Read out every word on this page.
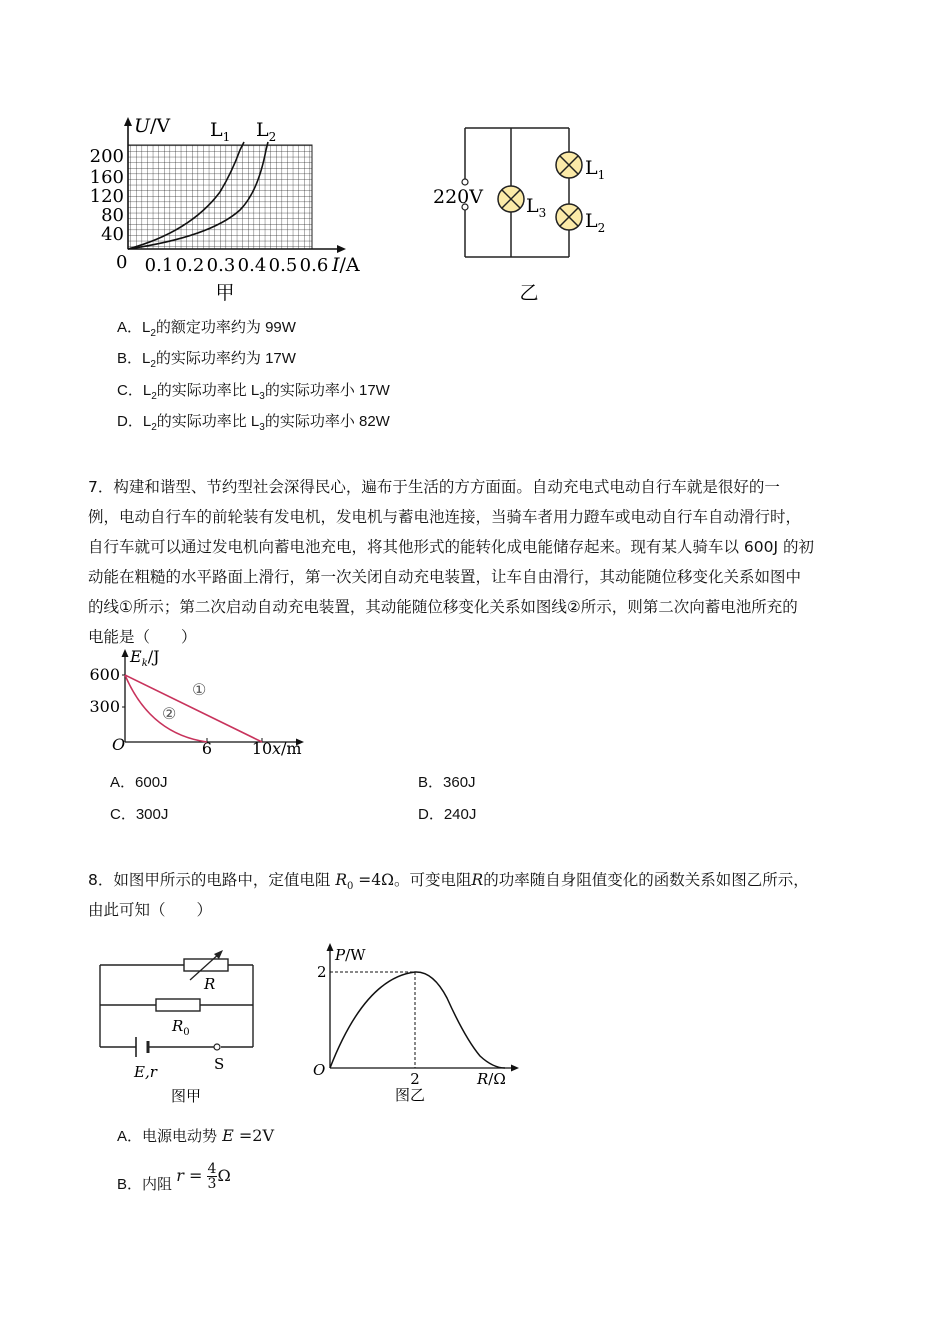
U/V $L_1$ $L_2$
200
160
120
80
40
0 0.1 0.2 0.3 0.4 0.5 0.6 I/A
甲
220V $L_3$
$L_1$
$L_2$
乙
A．$L_2$的额定功率约为 99W
B．$L_2$的实际功率约为 17W
C．$L_2$的实际功率比 $L_3$的实际功率小 17W
D．$L_2$的实际功率比 $L_3$的实际功率小 82W
7．构建和谐型、节约型社会深得民心，遍布于生活的方方面面。自动充电式电动自行车就是很好的一
例，电动自行车的前轮装有发电机，发电机与蓄电池连接，当骑车者用力蹬车或电动自行车自动滑行时，
自行车就可以通过发电机向蓄电池充电，将其他形式的能转化成电能储存起来。现有某人骑车以 600J 的初
动能在粗糙的水平路面上滑行，第一次关闭自动充电装置，让车自由滑行，其动能随位移变化关系如图中
的线①所示；第二次启动自动充电装置，其动能随位移变化关系如图线②所示，则第二次向蓄电池所充的
电能是（　　）
$E_k/J$
600
300
O	6 10 x/m
①
②
A．600J	B．360J
C．300J	D．240J
8．如图甲所示的电路中，定值电阻 $R_0 =4\Omega$。可变电阻R的功率随自身阻值变化的函数关系如图乙所示，
由此可知（　　）
R
$R_0$
E,r	S
图甲
P/W
2
O	2	R/Ω
图乙
A．电源电动势 E =2V
B．内阻 $r = \frac{4}{3}$ Ω
